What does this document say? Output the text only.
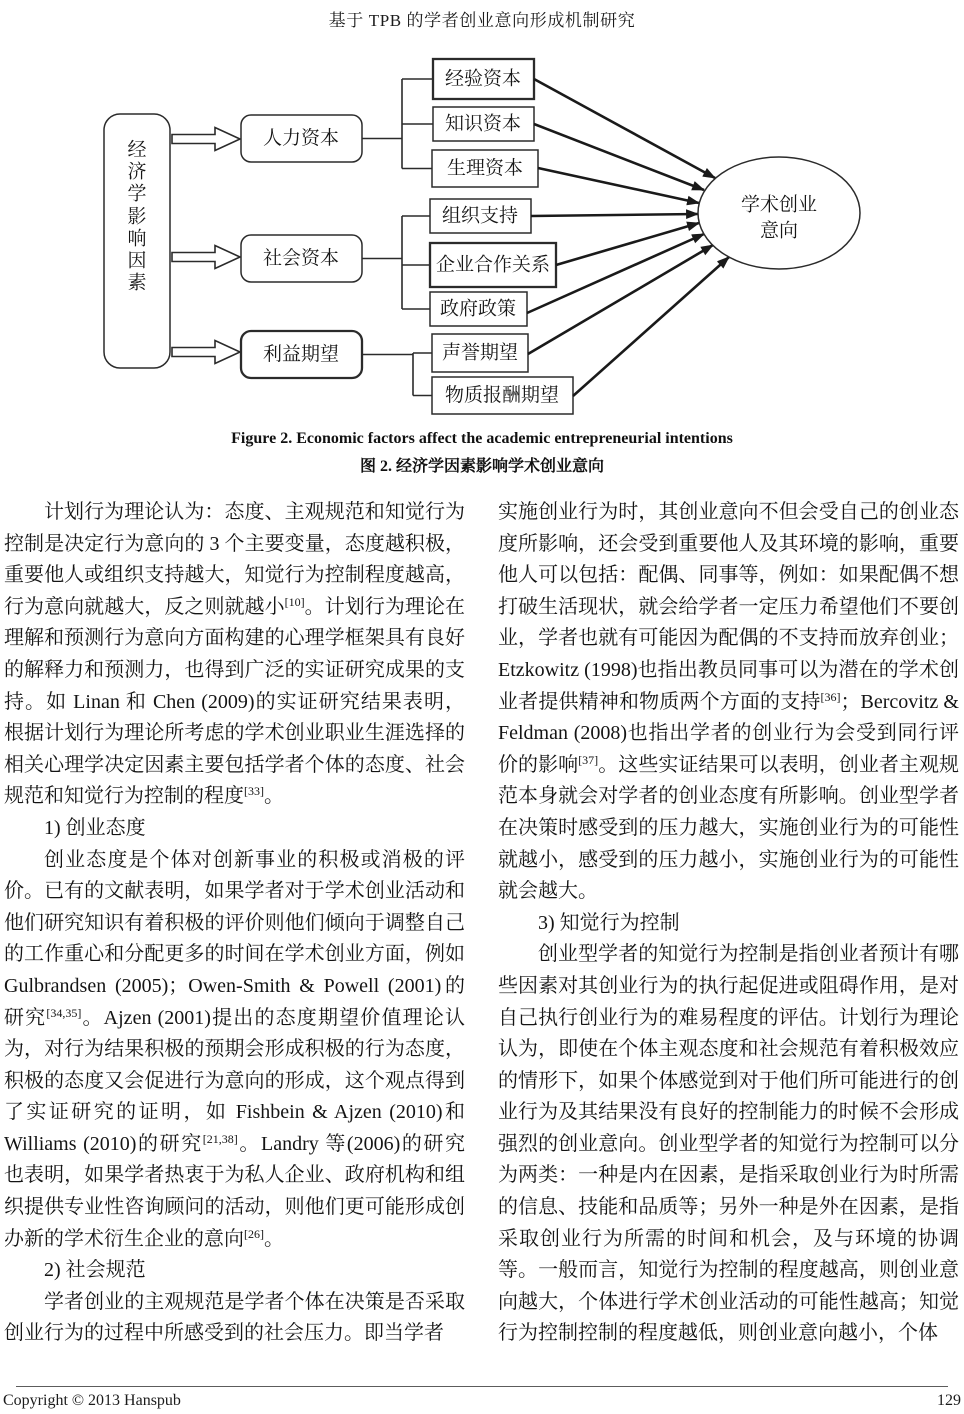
基于 TPB 的学者创业意向形成机制研究
经
济
学
影
响
因
素
人力资本
社会资本
利益期望
经验资本
知识资本
生理资本
组织支持
企业合作关系
政府政策
声誉期望
物质报酬期望
学术创业
意向
Figure 2. Economic factors affect the academic entrepreneurial intentions
图 2. 经济学因素影响学术创业意向

计划行为理论认为：态度、主观规范和知觉行为控制是决定行为意向的 3 个主要变量，态度越积极，重要他人或组织支持越大，知觉行为控制程度越高，行为意向就越大，反之则就越小[10]。计划行为理论在理解和预测行为意向方面构建的心理学框架具有良好的解释力和预测力，也得到广泛的实证研究成果的支持。如 Linan 和 Chen (2009)的实证研究结果表明，根据计划行为理论所考虑的学术创业职业生涯选择的相关心理学决定因素主要包括学者个体的态度、社会规范和知觉行为控制的程度[33]。

1) 创业态度

创业态度是个体对创新事业的积极或消极的评价。已有的文献表明，如果学者对于学术创业活动和他们研究知识有着积极的评价则他们倾向于调整自己的工作重心和分配更多的时间在学术创业方面，例如 Gulbrandsen (2005)；Owen-Smith & Powell (2001)的研究[34,35]。Ajzen (2001)提出的态度期望价值理论认为，对行为结果积极的预期会形成积极的行为态度，积极的态度又会促进行为意向的形成，这个观点得到了实证研究的证明，如 Fishbein & Ajzen (2010)和 Williams (2010)的研究[21,38]。Landry 等(2006)的研究也表明，如果学者热衷于为私人企业、政府机构和组织提供专业性咨询顾问的活动，则他们更可能形成创办新的学术衍生企业的意向[26]。

2) 社会规范

学者创业的主观规范是学者个体在决策是否采取创业行为的过程中所感受到的社会压力。即当学者

实施创业行为时，其创业意向不但会受自己的创业态度所影响，还会受到重要他人及其环境的影响，重要他人可以包括：配偶、同事等，例如：如果配偶不想打破生活现状，就会给学者一定压力希望他们不要创业，学者也就有可能因为配偶的不支持而放弃创业；Etzkowitz (1998)也指出教员同事可以为潜在的学术创业者提供精神和物质两个方面的支持[36]；Bercovitz & Feldman (2008)也指出学者的创业行为会受到同行评价的影响[37]。这些实证结果可以表明，创业者主观规范本身就会对学者的创业态度有所影响。创业型学者在决策时感受到的压力越大，实施创业行为的可能性就越小，感受到的压力越小，实施创业行为的可能性就会越大。

3) 知觉行为控制

创业型学者的知觉行为控制是指创业者预计有哪些因素对其创业行为的执行起促进或阻碍作用，是对自己执行创业行为的难易程度的评估。计划行为理论认为，即使在个体主观态度和社会规范有着积极效应的情形下，如果个体感觉到对于他们所可能进行的创业行为及其结果没有良好的控制能力的时候不会形成强烈的创业意向。创业型学者的知觉行为控制可以分为两类：一种是内在因素，是指采取创业行为时所需的信息、技能和品质等；另外一种是外在因素，是指采取创业行为所需的时间和机会，及与环境的协调等。一般而言，知觉行为控制的程度越高，则创业意向越大，个体进行学术创业活动的可能性越高；知觉行为控制控制的程度越低，则创业意向越小，个体

Copyright © 2013 Hanspub	129
